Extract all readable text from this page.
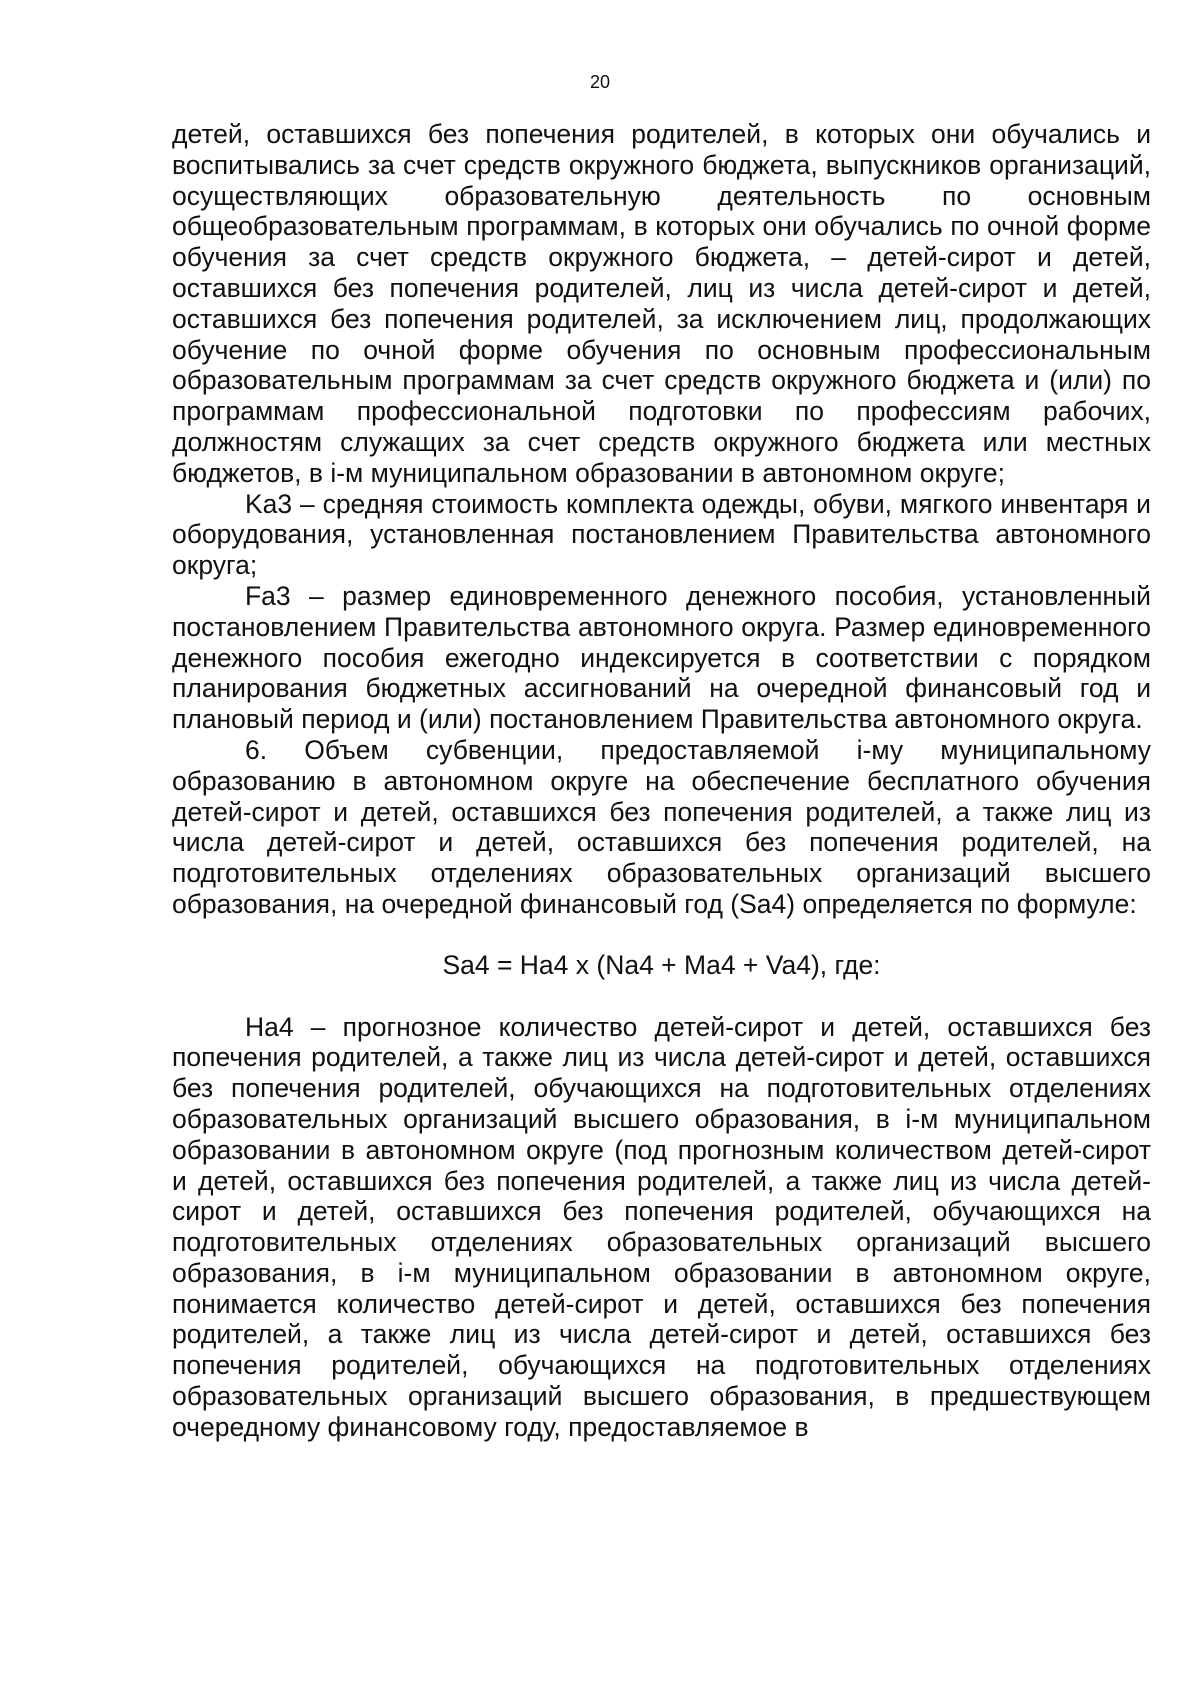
20

детей, оставшихся без попечения родителей, в которых они обучались и воспитывались за счет средств окружного бюджета, выпускников организаций, осуществляющих образовательную деятельность по основным общеобразовательным программам, в которых они обучались по очной форме обучения за счет средств окружного бюджета, – детей-сирот и детей, оставшихся без попечения родителей, лиц из числа детей-сирот и детей, оставшихся без попечения родителей, за исключением лиц, продолжающих обучение по очной форме обучения по основным профессиональным образовательным программам за счет средств окружного бюджета и (или) по программам профессиональной подготовки по профессиям рабочих, должностям служащих за счет средств окружного бюджета или местных бюджетов, в i-м муниципальном образовании в автономном округе;

Ka3 – средняя стоимость комплекта одежды, обуви, мягкого инвентаря и оборудования, установленная постановлением Правительства автономного округа;

Fa3 – размер единовременного денежного пособия, установленный постановлением Правительства автономного округа. Размер единовременного денежного пособия ежегодно индексируется в соответствии с порядком планирования бюджетных ассигнований на очередной финансовый год и плановый период и (или) постановлением Правительства автономного округа.

6. Объем субвенции, предоставляемой i-му муниципальному образованию в автономном округе на обеспечение бесплатного обучения детей-сирот и детей, оставшихся без попечения родителей, а также лиц из числа детей-сирот и детей, оставшихся без попечения родителей, на подготовительных отделениях образовательных организаций высшего образования, на очередной финансовый год (Sa4) определяется по формуле:

Sa4 = Ha4 x (Na4 + Ma4 + Va4), где:

Ha4 – прогнозное количество детей-сирот и детей, оставшихся без попечения родителей, а также лиц из числа детей-сирот и детей, оставшихся без попечения родителей, обучающихся на подготовительных отделениях образовательных организаций высшего образования, в i-м муниципальном образовании в автономном округе (под прогнозным количеством детей-сирот и детей, оставшихся без попечения родителей, а также лиц из числа детей-сирот и детей, оставшихся без попечения родителей, обучающихся на подготовительных отделениях образовательных организаций высшего образования, в i-м муниципальном образовании в автономном округе, понимается количество детей-сирот и детей, оставшихся без попечения родителей, а также лиц из числа детей-сирот и детей, оставшихся без попечения родителей, обучающихся на подготовительных отделениях образовательных организаций высшего образования, в предшествующем очередному финансовому году, предоставляемое в
